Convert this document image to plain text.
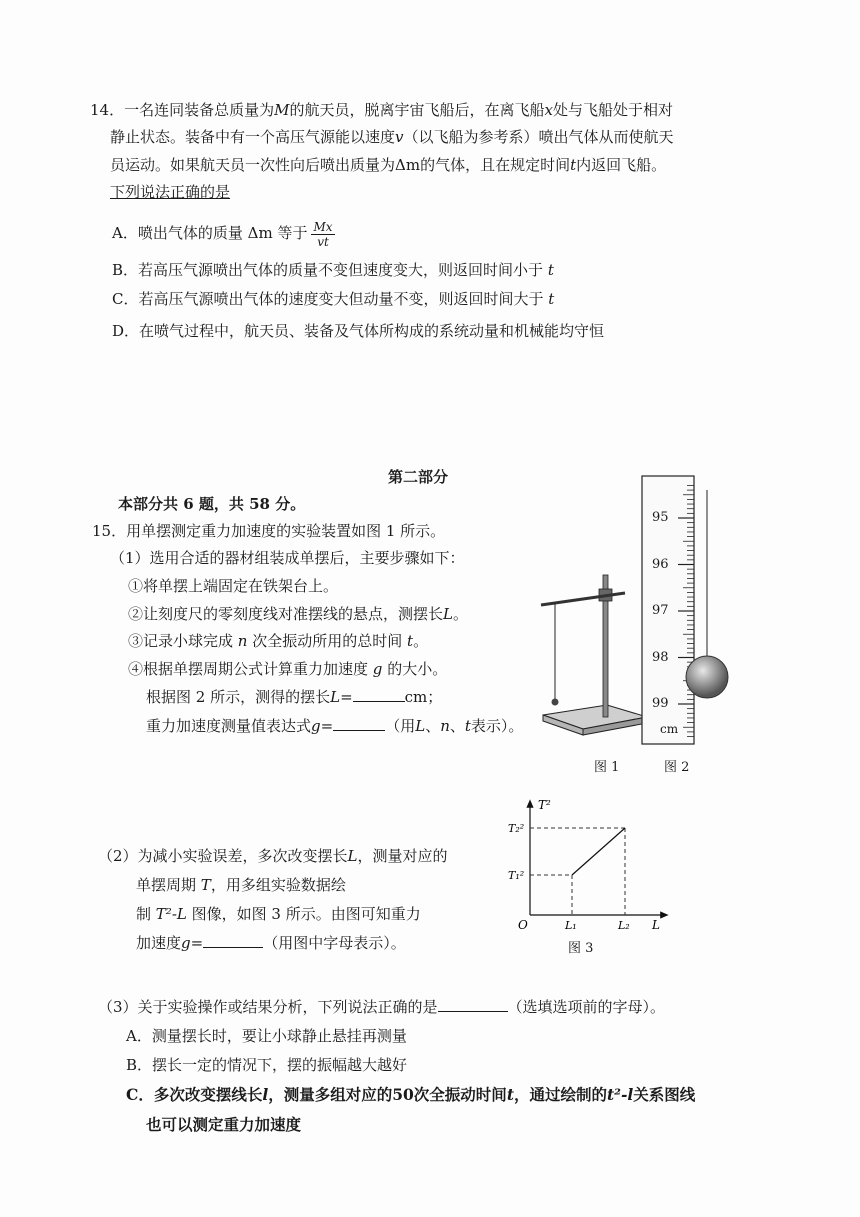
14．一名连同装备总质量为M的航天员，脱离宇宙飞船后，在离飞船x处与飞船处于相对
静止状态。装备中有一个高压气源能以速度v（以飞船为参考系）喷出气体从而使航天
员运动。如果航天员一次性向后喷出质量为Δm的气体，且在规定时间t内返回飞船。
下列说法正确的是
A．喷出气体的质量 Δm 等于 $\frac{Mx}{vt}$
B．若高压气源喷出气体的质量不变但速度变大，则返回时间小于 t
C．若高压气源喷出气体的速度变大但动量不变，则返回时间大于 t
D．在喷气过程中，航天员、装备及气体所构成的系统动量和机械能均守恒
第二部分
本部分共 6 题，共 58 分。
15．用单摆测定重力加速度的实验装置如图 1 所示。
（1）选用合适的器材组装成单摆后，主要步骤如下：
①将单摆上端固定在铁架台上。
②让刻度尺的零刻度线对准摆线的悬点，测摆长L。
③记录小球完成 n 次全振动所用的总时间 t。
④根据单摆周期公式计算重力加速度 g 的大小。
根据图 2 所示，测得的摆长L=	cm；
重力加速度测量值表达式g=	（用L、n、t表示）。
图 1
cm
图 2
95
96
97
98
99
（2）为减小实验误差，多次改变摆长L，测量对应的
单摆周期 T，用多组实验数据绘
制 T²-L 图像，如图 3 所示。由图可知重力
加速度g=	（用图中字母表示）。
T²
L
O
T₂²
T₁²
L₁	L₂
图 3
（3）关于实验操作或结果分析，下列说法正确的是	（选填选项前的字母）。
A．测量摆长时，要让小球静止悬挂再测量
B．摆长一定的情况下，摆的振幅越大越好
C．多次改变摆线长l，测量多组对应的50次全振动时间t，通过绘制的t²-l关系图线
也可以测定重力加速度
